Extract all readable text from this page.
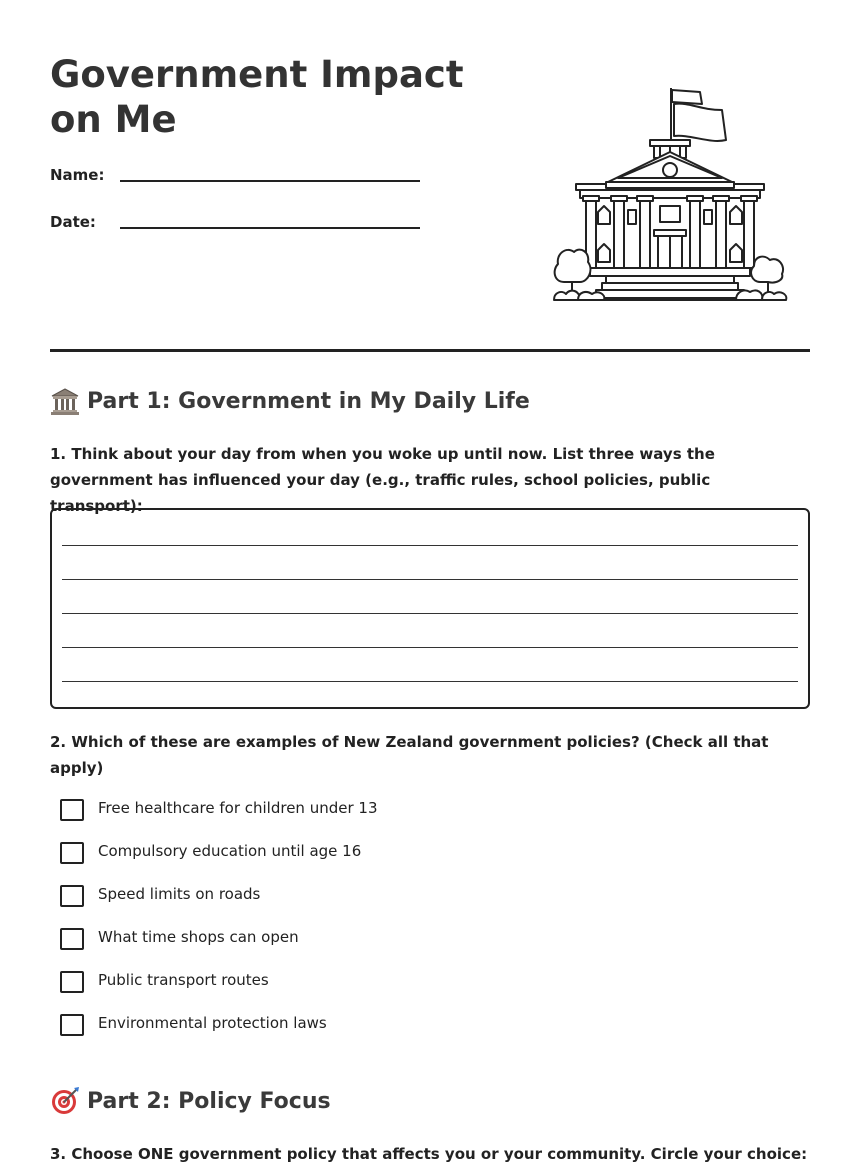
Government Impact on Me
Name:
Date:
Part 1: Government in My Daily Life

1. Think about your day from when you woke up until now. List three ways the government has influenced your day (e.g., traffic rules, school policies, public transport):

2. Which of these are examples of New Zealand government policies? (Check all that apply)

Free healthcare for children under 13
Compulsory education until age 16
Speed limits on roads
What time shops can open
Public transport routes
Environmental protection laws
Part 2: Policy Focus

3. Choose ONE government policy that affects you or your community. Circle your choice:
